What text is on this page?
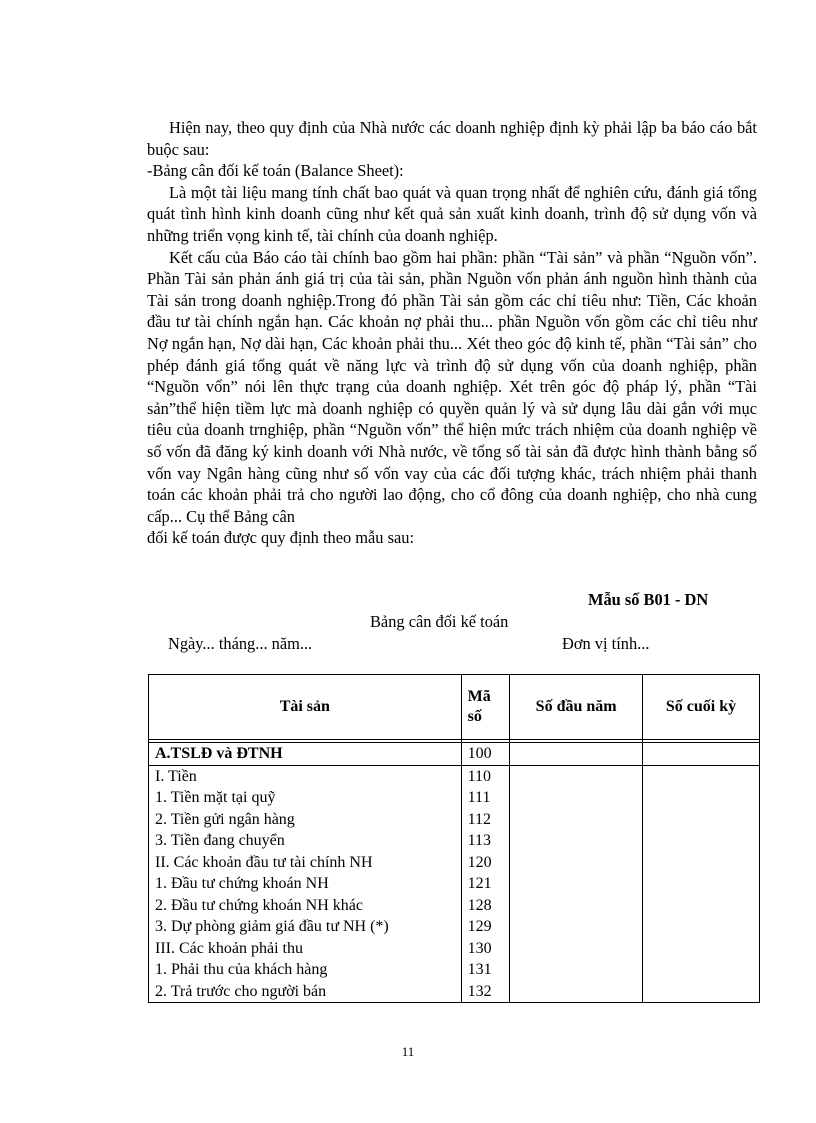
Hiện nay, theo quy định của Nhà nước các doanh nghiệp định kỳ phải lập ba báo cáo bắt buộc sau:

-Bảng cân đối kế toán (Balance Sheet):

Là một tài liệu mang tính chất bao quát và quan trọng nhất để nghiên cứu, đánh giá tổng quát tình hình kinh doanh cũng như kết quả sản xuất kinh doanh, trình độ sử dụng vốn và những triển vọng kinh tế, tài chính của doanh nghiệp.

Kết cấu của Báo cáo tài chính bao gồm hai phần: phần “Tài sản” và phần “Nguồn vốn”. Phần Tài sản phản ánh giá trị của tài sản, phần Nguồn vốn phản ánh nguồn hình thành của Tài sản trong doanh nghiệp.Trong đó phần Tài sản gồm các chỉ tiêu như: Tiền, Các khoản đầu tư tài chính ngắn hạn. Các khoản nợ phải thu... phần Nguồn vốn gồm các chỉ tiêu như Nợ ngắn hạn, Nợ dài hạn, Các khoản phải thu... Xét theo góc độ kinh tế, phần “Tài sản” cho phép đánh giá tổng quát về năng lực và trình độ sử dụng vốn của doanh nghiệp, phần “Nguồn vốn” nói lên thực trạng của doanh nghiệp. Xét trên góc độ pháp lý, phần “Tài sản”thể hiện tiềm lực mà doanh nghiệp có quyền quản lý và sử dụng lâu dài gắn với mục tiêu của doanh trnghiệp, phần “Nguồn vốn” thể hiện mức trách nhiệm của doanh nghiệp về số vốn đã đăng ký kinh doanh với Nhà nước, về tổng số tài sản đã được hình thành bằng số vốn vay Ngân hàng cũng như số vốn vay của các đối tượng khác, trách nhiệm phải thanh toán các khoản phải trả cho người lao động, cho cổ đông của doanh nghiệp, cho nhà cung cấp... Cụ thể Bảng cân

đối kế toán được quy định theo mẫu sau:

Mẫu số B01 - DN
Bảng cân đối kế toán
Ngày... tháng... năm...	Đơn vị tính...
Tài sản	Mã số	Số đầu năm	Số cuối kỳ

A.TSLĐ và ĐTNH	100		
I. Tiền	110		
1. Tiền mặt tại quỹ	111		
2. Tiền gửi ngân hàng	112		
3. Tiền đang chuyển	113		
II. Các khoản đầu tư tài chính NH	120		
1. Đầu tư chứng khoán NH	121		
2. Đầu tư chứng khoán NH khác	128		
3. Dự phòng giảm giá đầu tư NH (*)	129		
III. Các khoản phải thu	130		
1. Phải thu của khách hàng	131		
2. Trả trước cho người bán	132		
11
